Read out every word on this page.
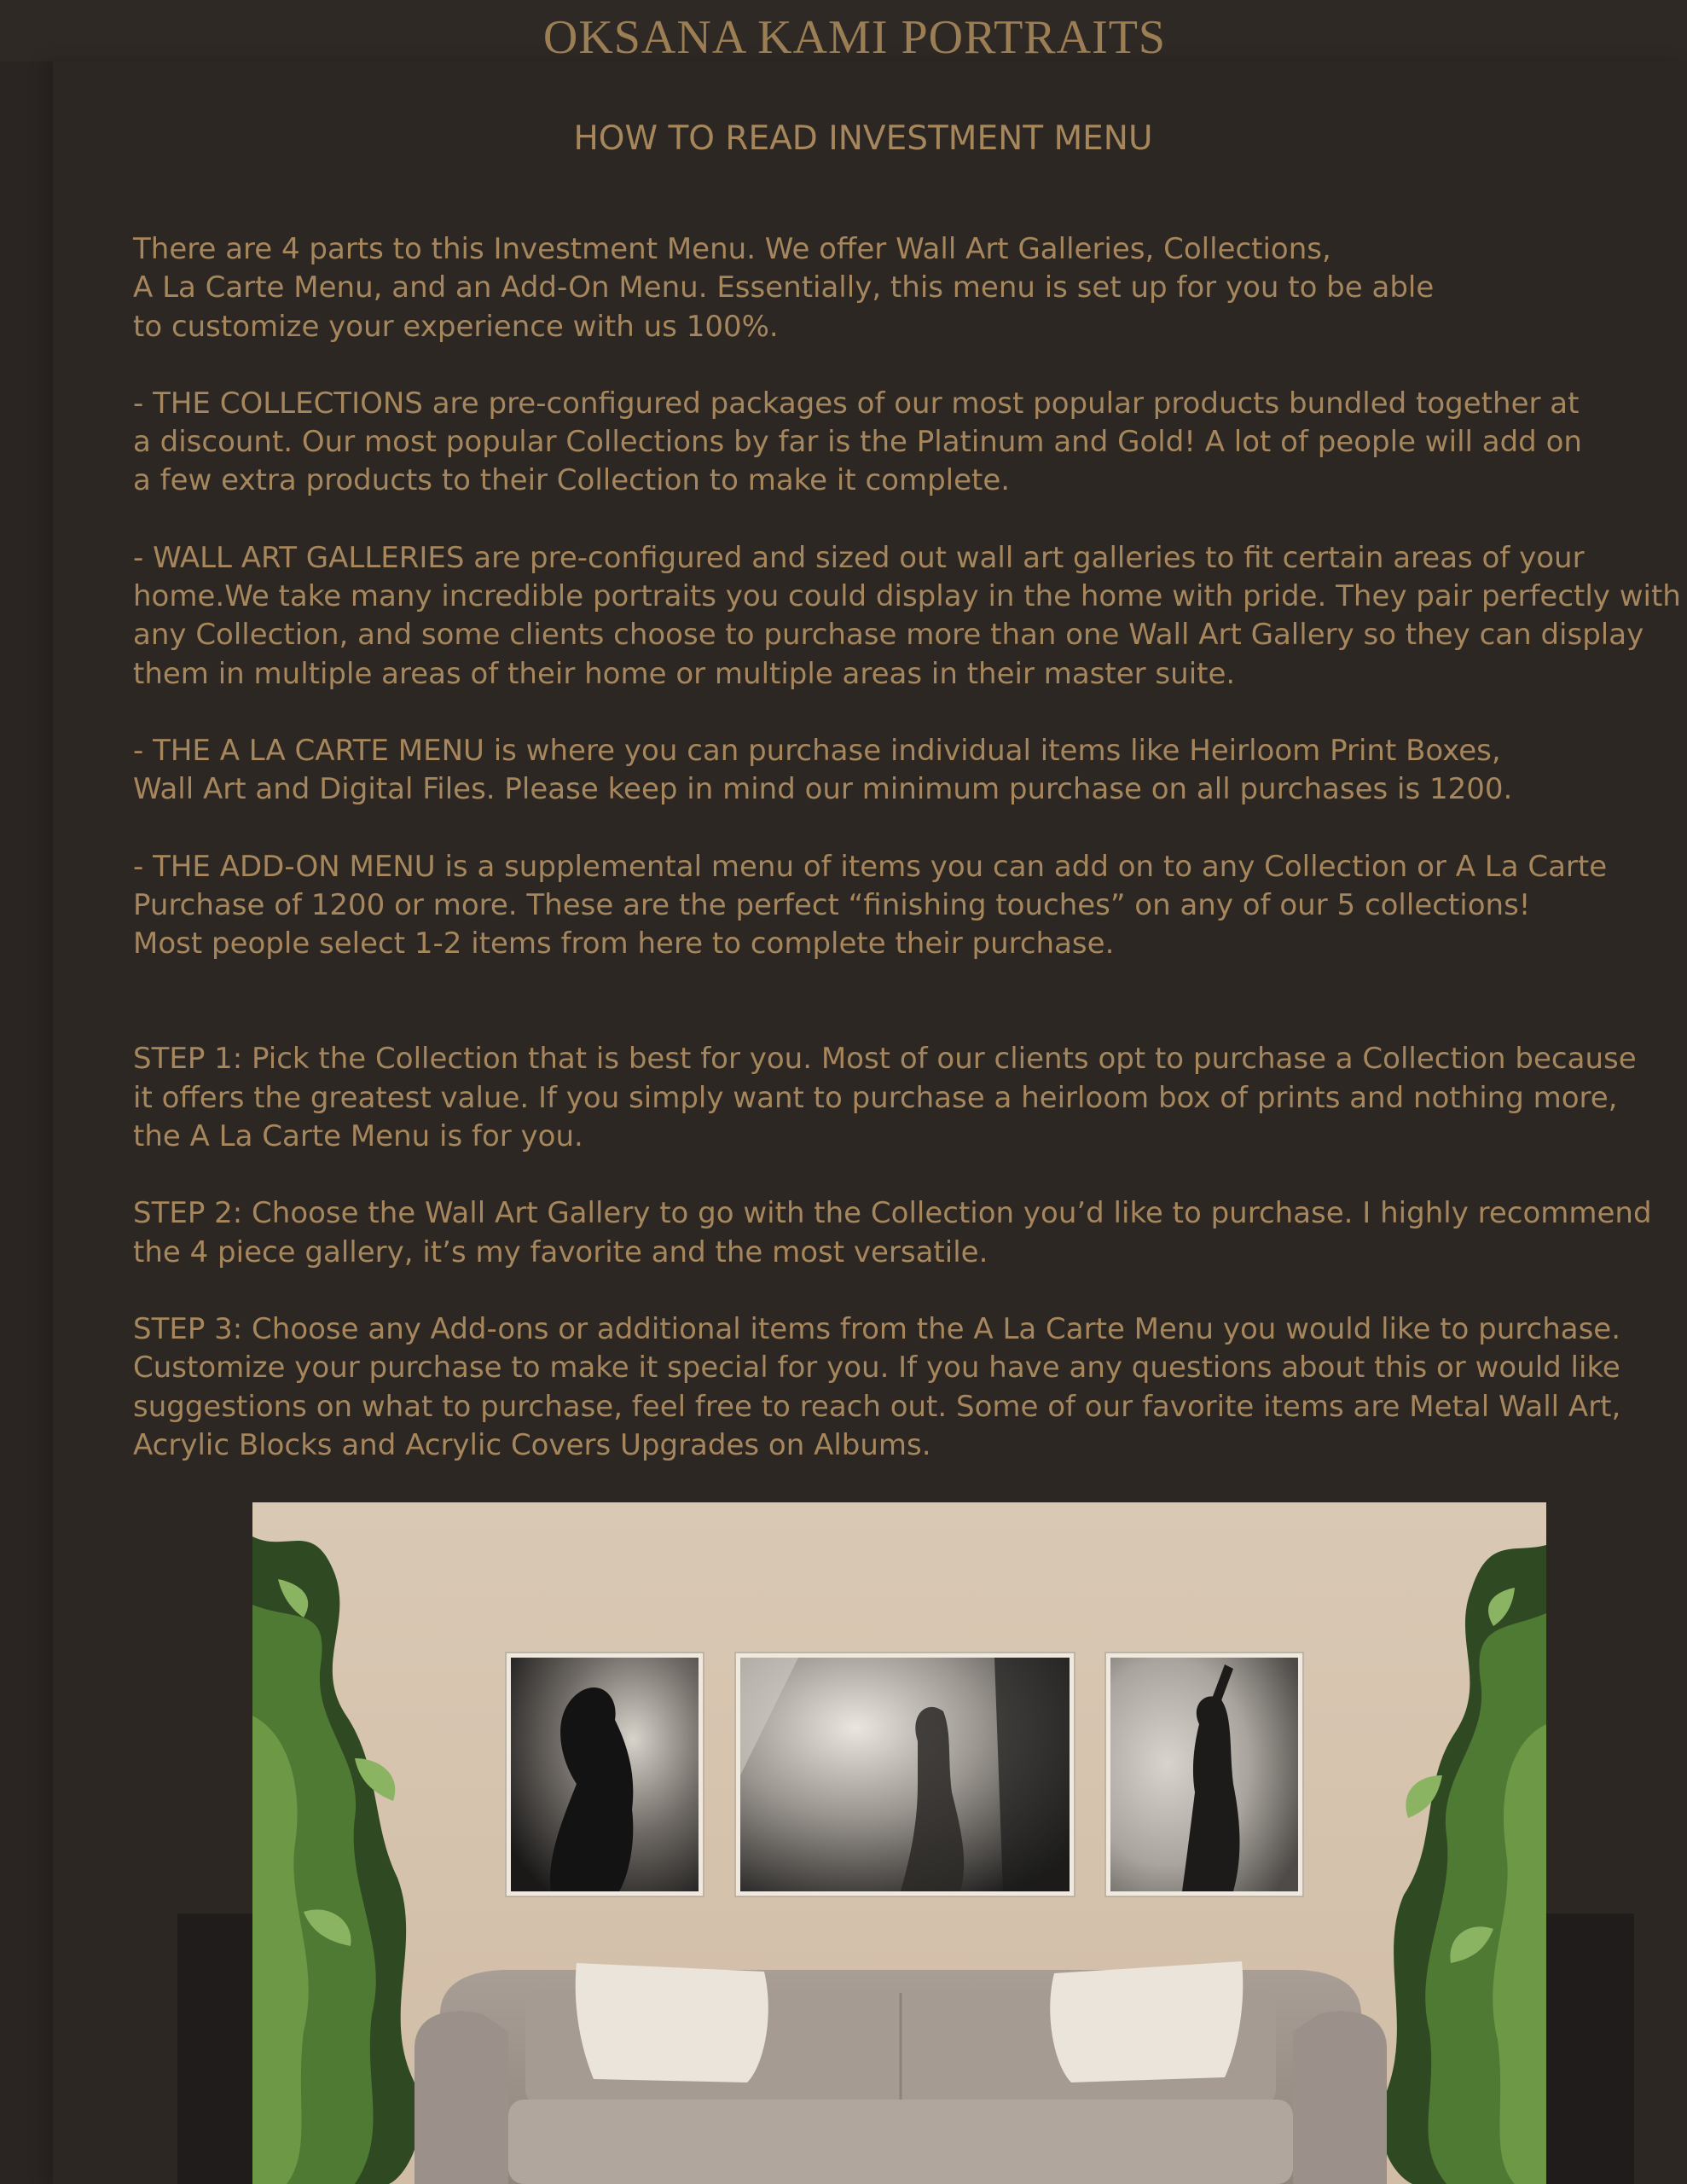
OKSANA KAMI PORTRAITS
HOW TO READ INVESTMENT MENU

There are 4 parts to this Investment Menu. We offer Wall Art Galleries, Collections,

A La Carte Menu, and an Add-On Menu. Essentially, this menu is set up for you to be able

to customize your experience with us 100%.

- THE COLLECTIONS are pre-configured packages of our most popular products bundled together at

a discount. Our most popular Collections by far is the Platinum and Gold! A lot of people will add on

a few extra products to their Collection to make it complete.

- WALL ART GALLERIES are pre-configured and sized out wall art galleries to fit certain areas of your

home.We take many incredible portraits you could display in the home with pride. They pair perfectly with

any Collection, and some clients choose to purchase more than one Wall Art Gallery so they can display

them in multiple areas of their home or multiple areas in their master suite.

- THE A LA CARTE MENU is where you can purchase individual items like Heirloom Print Boxes,

Wall Art and Digital Files. Please keep in mind our minimum purchase on all purchases is 1200.

- THE ADD-ON MENU is a supplemental menu of items you can add on to any Collection or A La Carte

Purchase of 1200 or more. These are the perfect “finishing touches” on any of our 5 collections!

Most people select 1-2 items from here to complete their purchase.

STEP 1: Pick the Collection that is best for you. Most of our clients opt to purchase a Collection because

it offers the greatest value. If you simply want to purchase a heirloom box of prints and nothing more,

the A La Carte Menu is for you.

STEP 2: Choose the Wall Art Gallery to go with the Collection you’d like to purchase. I highly recommend

the 4 piece gallery, it’s my favorite and the most versatile.

STEP 3: Choose any Add-ons or additional items from the A La Carte Menu you would like to purchase.

Customize your purchase to make it special for you. If you have any questions about this or would like

suggestions on what to purchase, feel free to reach out. Some of our favorite items are Metal Wall Art,

Acrylic Blocks and Acrylic Covers Upgrades on Albums.
